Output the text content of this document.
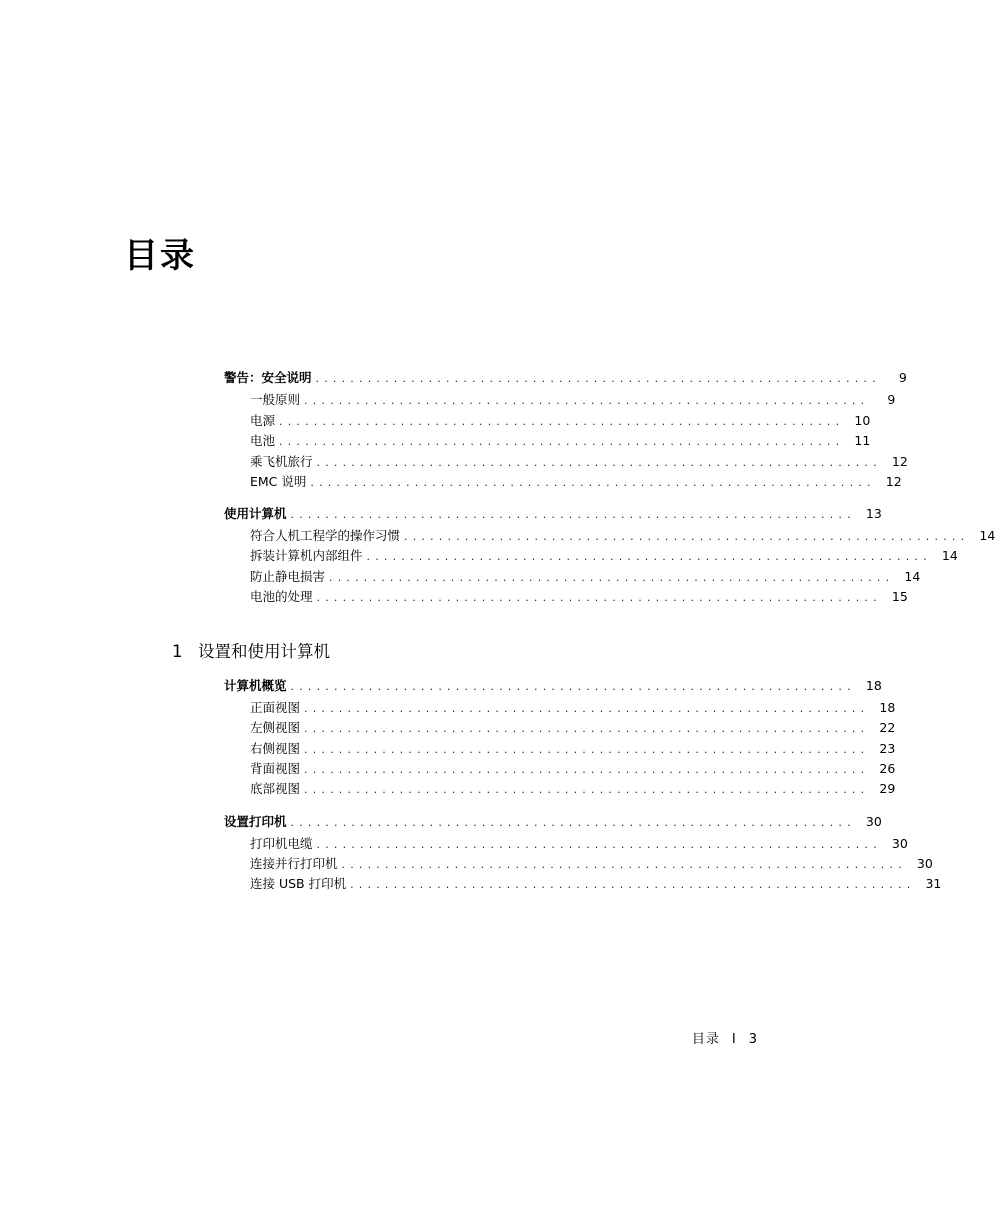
目录
警告：安全说明 .................................................................	9
一般原则 .................................................................	9
电源 ................................................................. 10
电池 ................................................................. 11
乘飞机旅行 ................................................................. 12
EMC 说明 ................................................................. 12
使用计算机 ................................................................. 13
符合人机工程学的操作习惯 ................................................................. 14
拆装计算机内部组件 ................................................................. 14
防止静电损害 ................................................................. 14
电池的处理 ................................................................. 15
1 设置和使用计算机
计算机概览 ................................................................. 18
正面视图 ................................................................. 18
左侧视图 ................................................................. 22
右侧视图 ................................................................. 23
背面视图 ................................................................. 26
底部视图 ................................................................. 29
设置打印机 ................................................................. 30
打印机电缆 ................................................................. 30
连接并行打印机 ................................................................. 30
连接 USB 打印机 ................................................................. 31
目录 I 3
